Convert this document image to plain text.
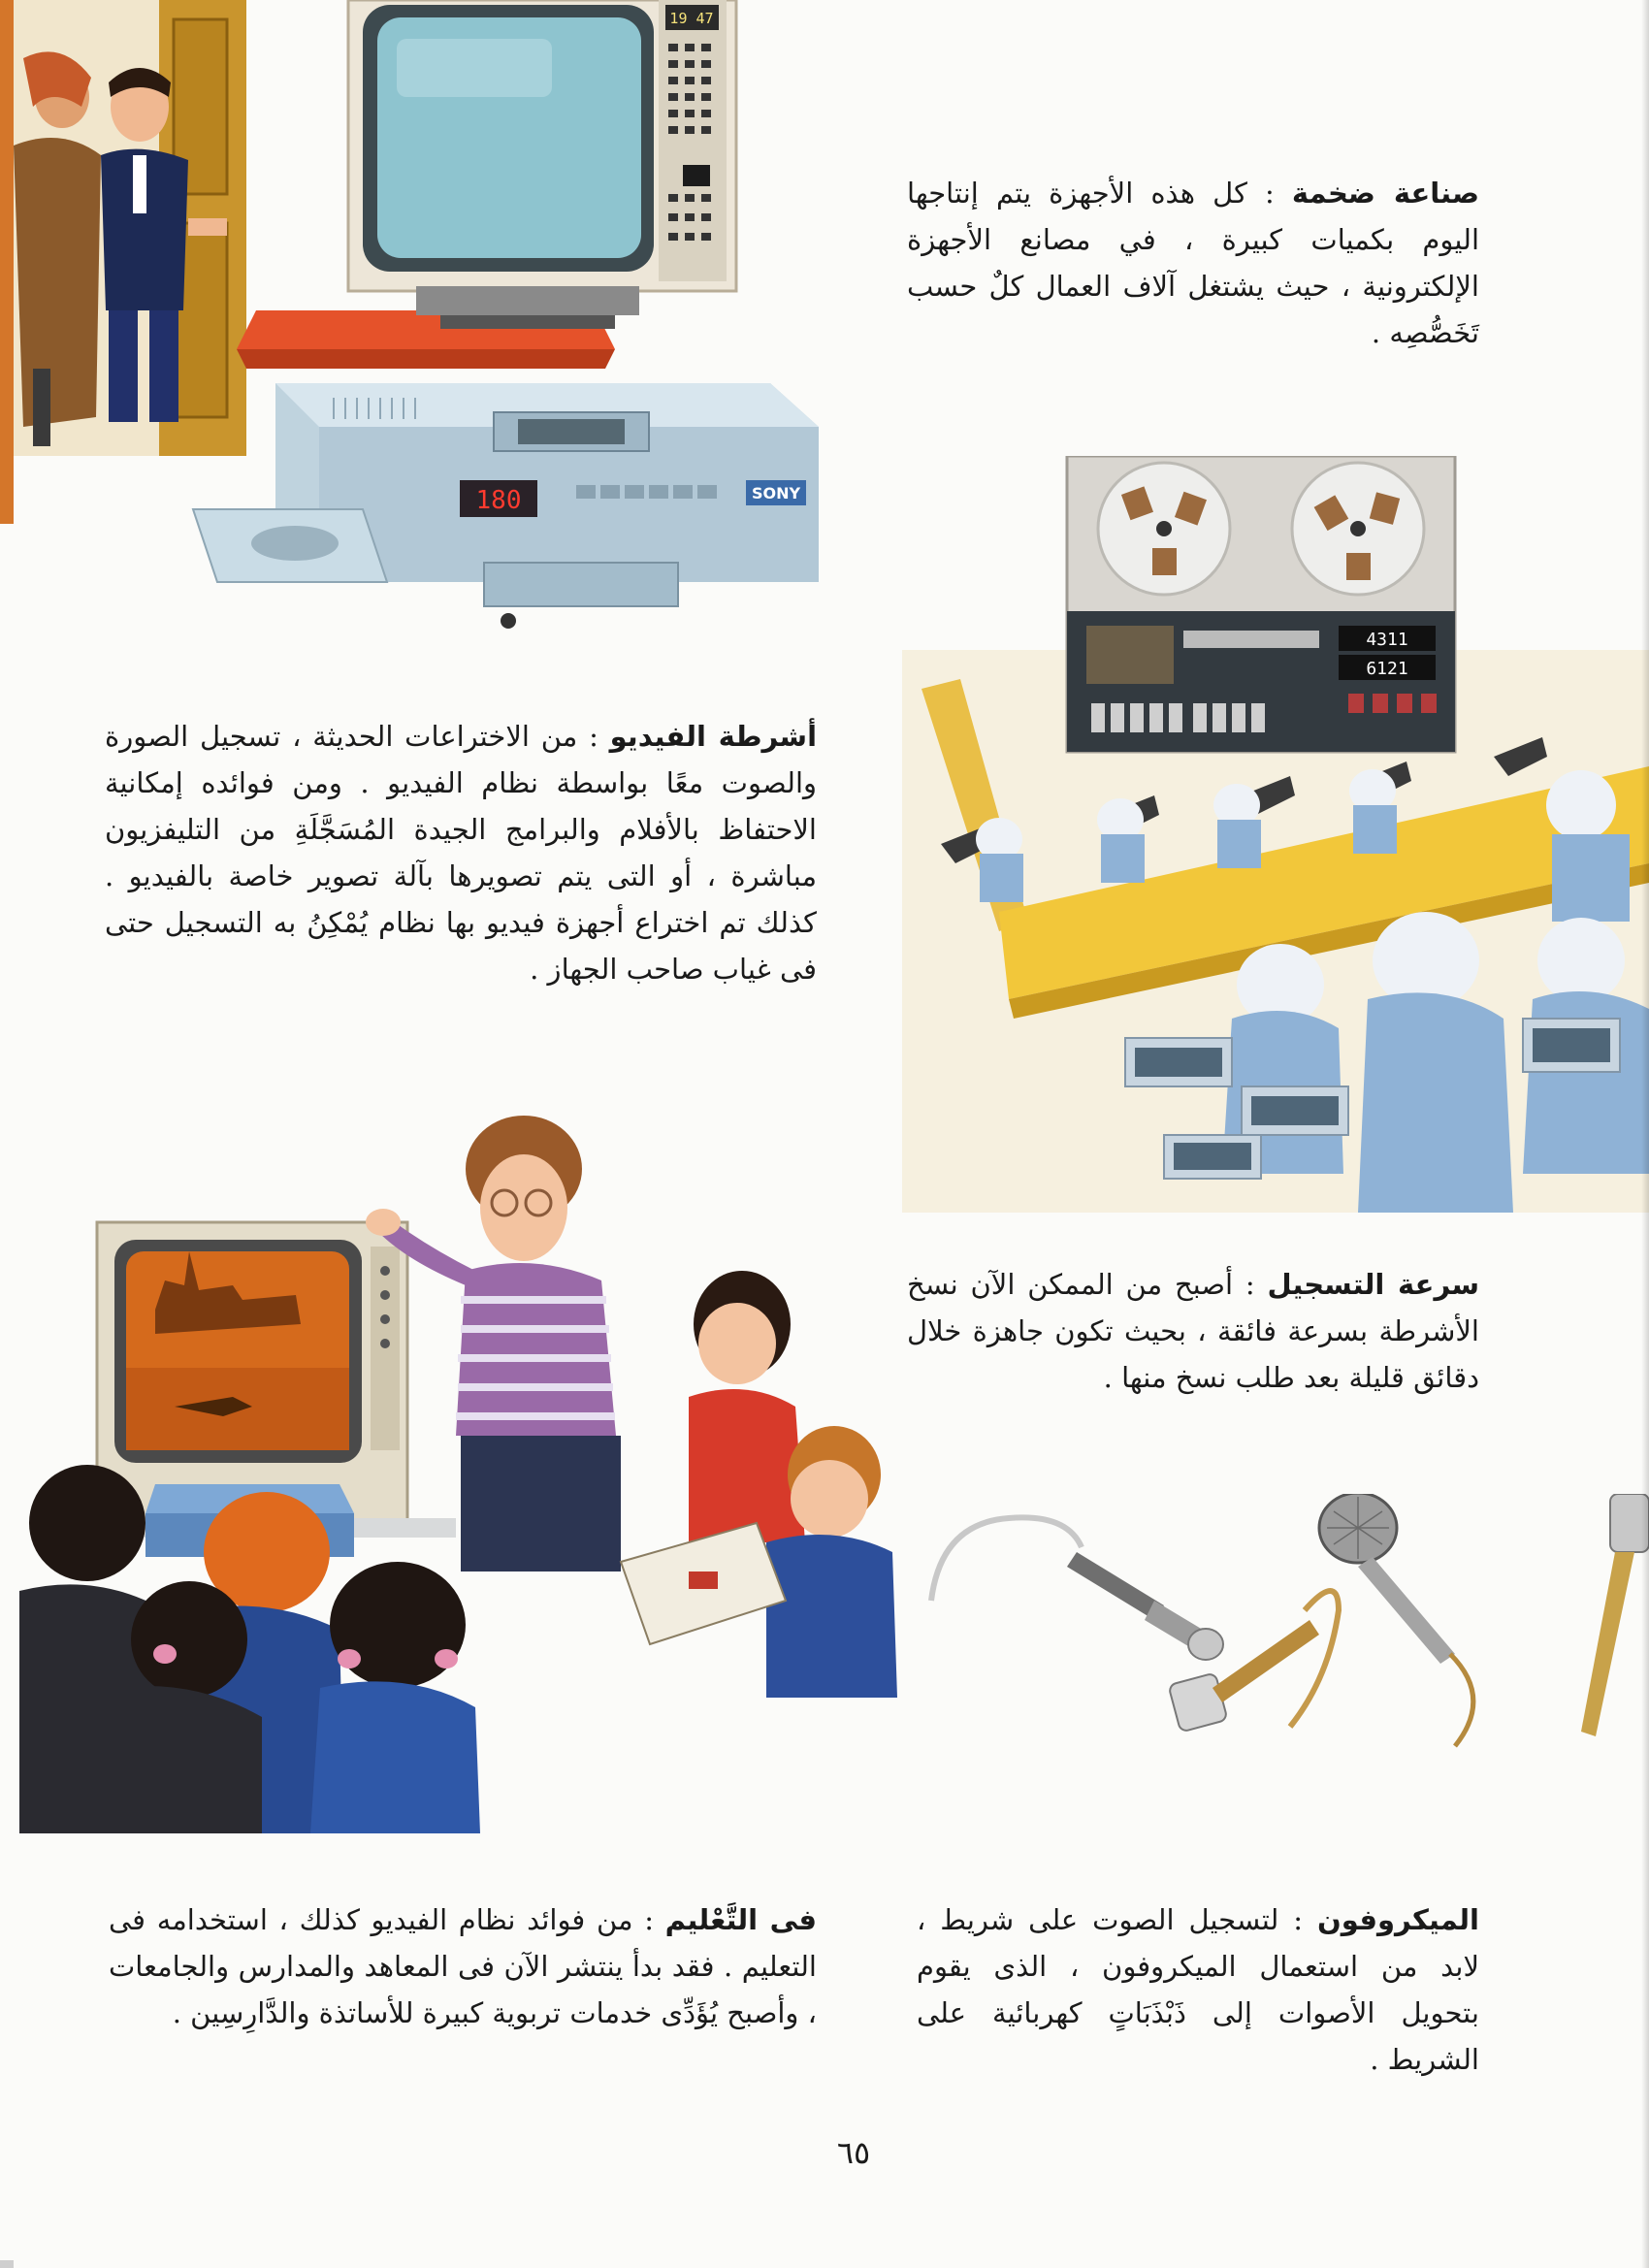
19 47
180	SONY
صناعة ضخمة : كل هذه الأجهزة يتم إنتاجها اليوم بكميات كبيرة ، في مصانع الأجهزة الإلكترونية ، حيث يشتغل آلاف العمال كلٌ حسب تَخَصُّصِه .
4311
6121
أشرطة الفيديو : من الاختراعات الحديثة ، تسجيل الصورة والصوت معًا بواسطة نظام الفيديو . ومن فوائده إمكانية الاحتفاظ بالأفلام والبرامج الجيدة المُسَجَّلَةِ من التليفزيون مباشرة ، أو التى يتم تصويرها بآلة تصوير خاصة بالفيديو . كذلك تم اختراع أجهزة فيديو بها نظام يُمْكِنُ به التسجيل حتى فى غياب صاحب الجهاز .
سرعة التسجيل : أصبح من الممكن الآن نسخ الأشرطة بسرعة فائقة ، بحيث تكون جاهزة خلال دقائق قليلة بعد طلب نسخ منها .
فى التَّعْليم : من فوائد نظام الفيديو كذلك ، استخدامه فى التعليم . فقد بدأ ينتشر الآن فى المعاهد والمدارس والجامعات ، وأصبح يُؤَدِّى خدمات تربوية كبيرة للأساتذة والدَّارِسِين .
الميكروفون : لتسجيل الصوت على شريط ، لابد من استعمال الميكروفون ، الذى يقوم بتحويل الأصوات إلى ذَبْذَبَاتٍ كهربائية على الشريط .
٦٥
